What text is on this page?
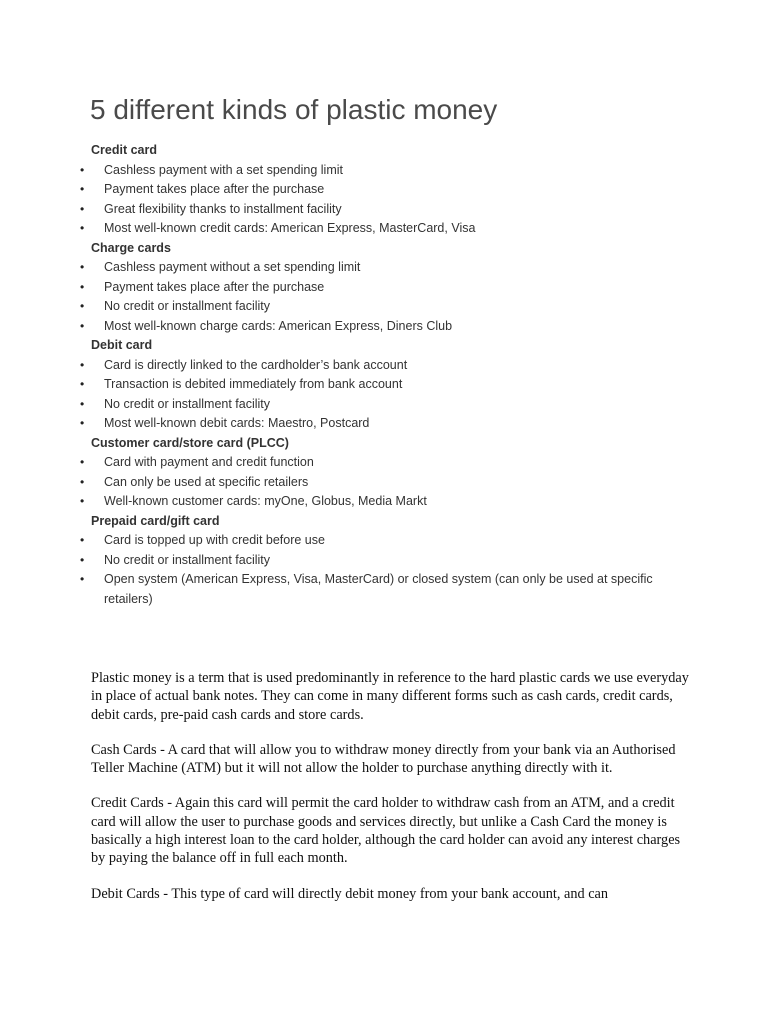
5 different kinds of plastic money
Credit card
• Cashless payment with a set spending limit
• Payment takes place after the purchase
• Great flexibility thanks to installment facility
• Most well-known credit cards: American Express, MasterCard, Visa
Charge cards
• Cashless payment without a set spending limit
• Payment takes place after the purchase
• No credit or installment facility
• Most well-known charge cards: American Express, Diners Club
Debit card
• Card is directly linked to the cardholder’s bank account
• Transaction is debited immediately from bank account
• No credit or installment facility
• Most well-known debit cards: Maestro, Postcard
Customer card/store card (PLCC)
• Card with payment and credit function
• Can only be used at specific retailers
• Well-known customer cards: myOne, Globus, Media Markt
Prepaid card/gift card
• Card is topped up with credit before use
• No credit or installment facility
• Open system (American Express, Visa, MasterCard) or closed system (can only be used at specific retailers)

Plastic money is a term that is used predominantly in reference to the hard plastic cards we use everyday in place of actual bank notes. They can come in many different forms such as cash cards, credit cards, debit cards, pre-paid cash cards and store cards.

Cash Cards - A card that will allow you to withdraw money directly from your bank via an Authorised Teller Machine (ATM) but it will not allow the holder to purchase anything directly with it.

Credit Cards - Again this card will permit the card holder to withdraw cash from an ATM, and a credit card will allow the user to purchase goods and services directly, but unlike a Cash Card the money is basically a high interest loan to the card holder, although the card holder can avoid any interest charges by paying the balance off in full each month.

Debit Cards - This type of card will directly debit money from your bank account, and can
